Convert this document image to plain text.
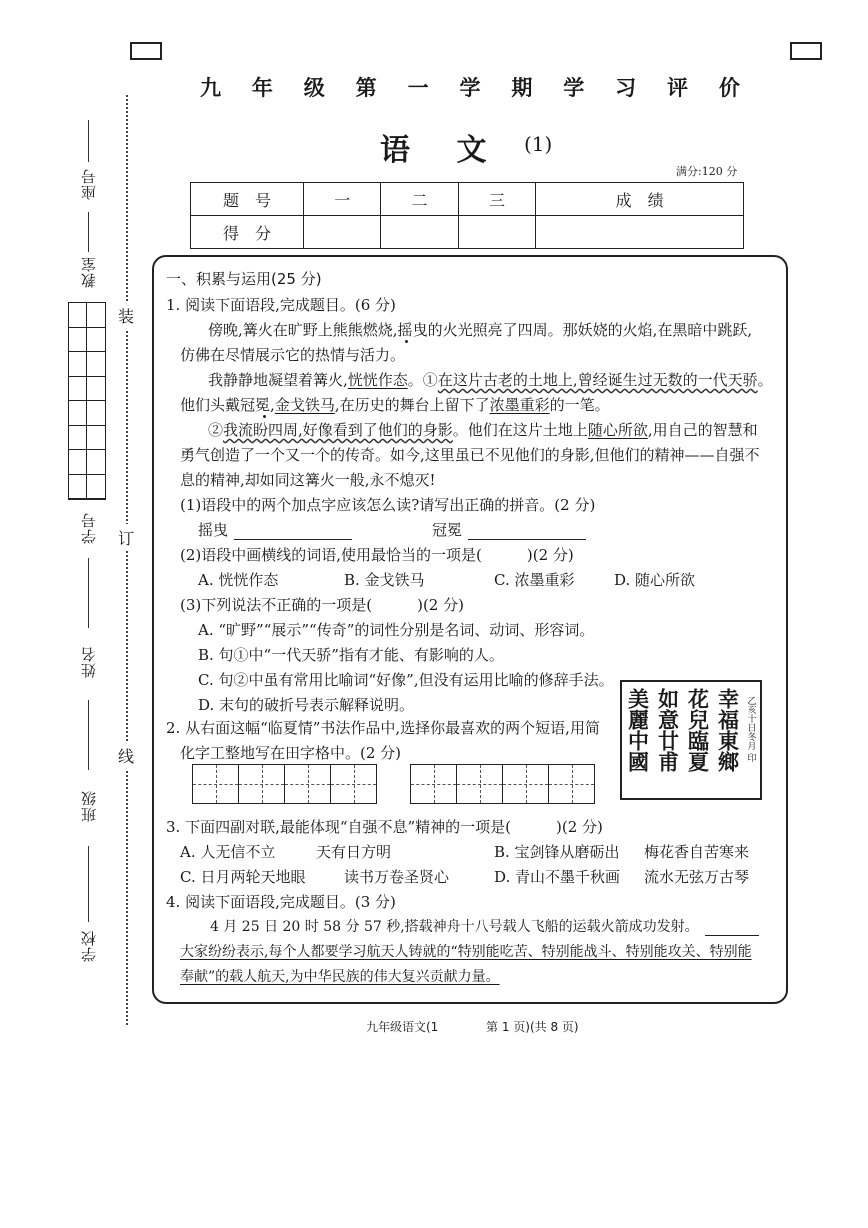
装
订
线
座号
教室
学号
姓名
班级
学校
九 年 级 第 一 学 期 学 习 评 价
语 文 (1)
满分:120 分
题　号	一	二	三	成　绩
得　分				
一、积累与运用(25 分)
1. 阅读下面语段,完成题目。(6 分)
傍晚,篝火在旷野上熊熊燃烧,摇曳的火光照亮了四周。那妖娆的火焰,在黑暗中跳跃,
仿佛在尽情展示它的热情与活力。
我静静地凝望着篝火,恍恍作态。①在这片古老的土地上,曾经诞生过无数的一代天骄。
他们头戴冠冕,金戈铁马,在历史的舞台上留下了浓墨重彩的一笔。
②我流盼四周,好像看到了他们的身影。他们在这片土地上随心所欲,用自己的智慧和
勇气创造了一个又一个的传奇。如今,这里虽已不见他们的身影,但他们的精神——自强不
息的精神,却如同这篝火一般,永不熄灭!
(1)语段中的两个加点字应该怎么读?请写出正确的拼音。(2 分)
摇曳	冠冕
(2)语段中画横线的词语,使用最恰当的一项是(　　　)(2 分)
A. 恍恍作态	B. 金戈铁马	C. 浓墨重彩	D. 随心所欲
(3)下列说法不正确的一项是(　　　)(2 分)
A. “旷野”“展示”“传奇”的词性分别是名词、动词、形容词。
B. 句①中“一代天骄”指有才能、有影响的人。
C. 句②中虽有常用比喻词“好像”,但没有运用比喻的修辞手法。
D. 末句的破折号表示解释说明。	美麗中國 如意廿甫 花兒臨夏 幸福東鄉 乙亥十日冬月 印
2. 从右面这幅“临夏情”书法作品中,选择你最喜欢的两个短语,用简
化字工整地写在田字格中。(2 分)
3. 下面四副对联,最能体现“自强不息”精神的一项是(　　　)(2 分)
A. 人无信不立	天有日方明	B. 宝剑锋从磨砺出 梅花香自苦寒来
C. 日月两轮天地眼	读书万卷圣贤心	D. 青山不墨千秋画 流水无弦万古琴
4. 阅读下面语段,完成题目。(3 分)
4 月 25 日 20 时 58 分 57 秒,搭载神舟十八号载人飞船的运载火箭成功发射。
大家纷纷表示,每个人都要学习航天人铸就的“特别能吃苦、特别能战斗、特别能攻关、特别能
奉献”的载人航天,为中华民族的伟大复兴贡献力量。
九年级语文(1	第 1 页)(共 8 页)
